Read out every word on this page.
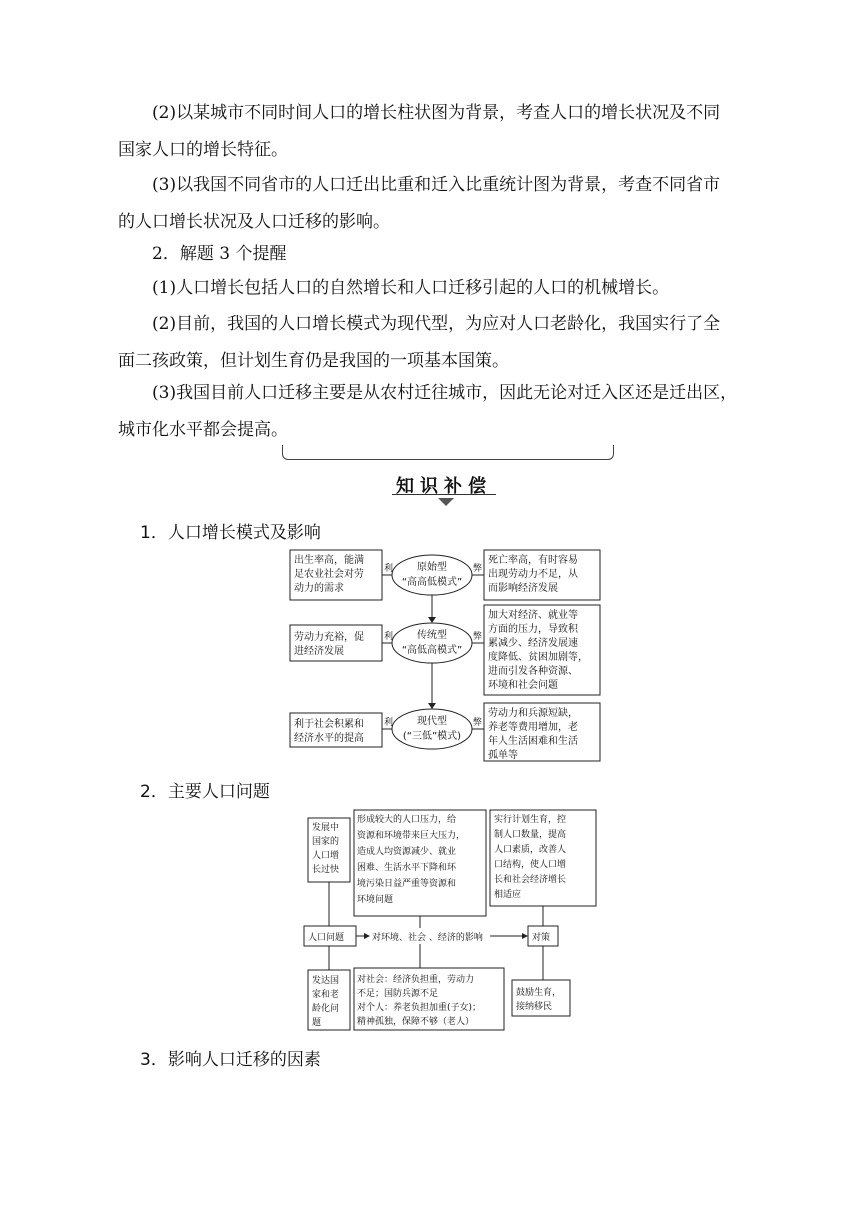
(2)以某城市不同时间人口的增长柱状图为背景，考查人口的增长状况及不同
国家人口的增长特征。

(3)以我国不同省市的人口迁出比重和迁入比重统计图为背景，考查不同省市
的人口增长状况及人口迁移的影响。

2．解题 3 个提醒

(1)人口增长包括人口的自然增长和人口迁移引起的人口的机械增长。

(2)目前，我国的人口增长模式为现代型，为应对人口老龄化，我国实行了全
面二孩政策，但计划生育仍是我国的一项基本国策。

(3)我国目前人口迁移主要是从农村迁往城市，因此无论对迁入区还是迁出区，
城市化水平都会提高。

知识补偿

1．人口增长模式及影响

出生率高，能满
足农业社会对劳
动力的需求
利	弊
原始型
“高高低模式”
死亡率高，有时容易
出现劳动力不足，从
而影响经济发展
劳动力充裕，促
进经济发展
利	弊
传统型
“高低高模式”
加大对经济、就业等
方面的压力，导致积
累减少、经济发展速
度降低、贫困加剧等，
进而引发各种资源、
环境和社会问题
利于社会积累和
经济水平的提高
利	弊
现代型
(“三低”模式)
劳动力和兵源短缺，
养老等费用增加，老
年人生活困难和生活
孤单等

2．主要人口问题

发展中
国家的
人口增
长过快
形成较大的人口压力，给
资源和环境带来巨大压力，
造成人均资源减少、就业
困难、生活水平下降和环
境污染日益严重等资源和
环境问题
实行计划生育，控
制人口数量，提高
人口素质，改善人
口结构，使人口增
长和社会经济增长
相适应
人口问题	对环境、社会 、经济的影响	对策
发达国
家和老
龄化问
题
对社会：经济负担重，劳动力
不足；国防兵源不足
对个人：养老负担加重(子女)；
精神孤独，保障不够（老人）
鼓励生育，
接纳移民

3．影响人口迁移的因素
